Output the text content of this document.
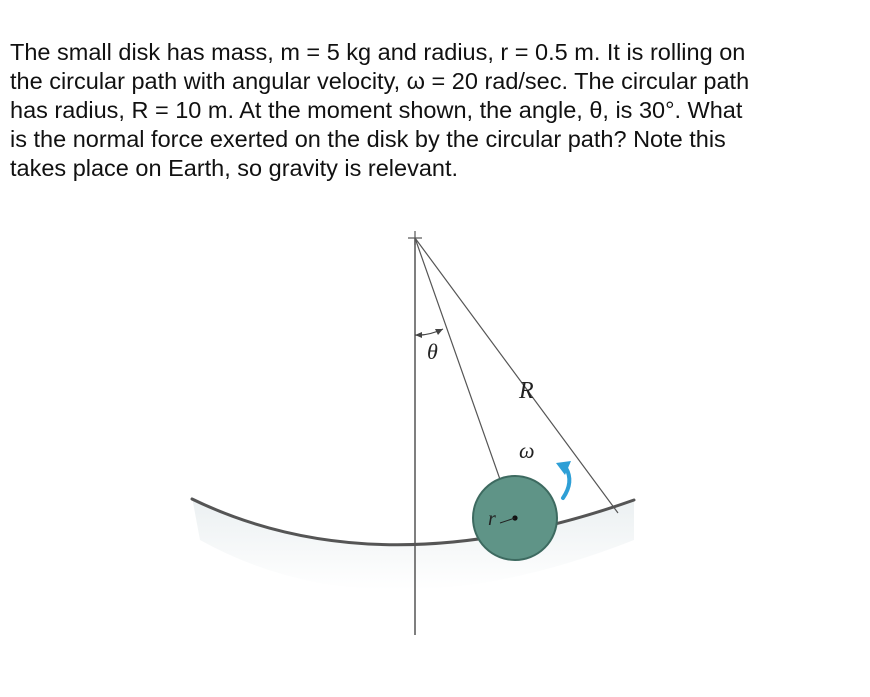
The small disk has mass, m = 5 kg and radius, r = 0.5 m. It is rolling on
the circular path with angular velocity, ω = 20 rad/sec. The circular path
has radius, R = 10 m. At the moment shown, the angle, θ, is 30°. What
is the normal force exerted on the disk by the circular path? Note this
takes place on Earth, so gravity is relevant.
θ
R
ω
r
